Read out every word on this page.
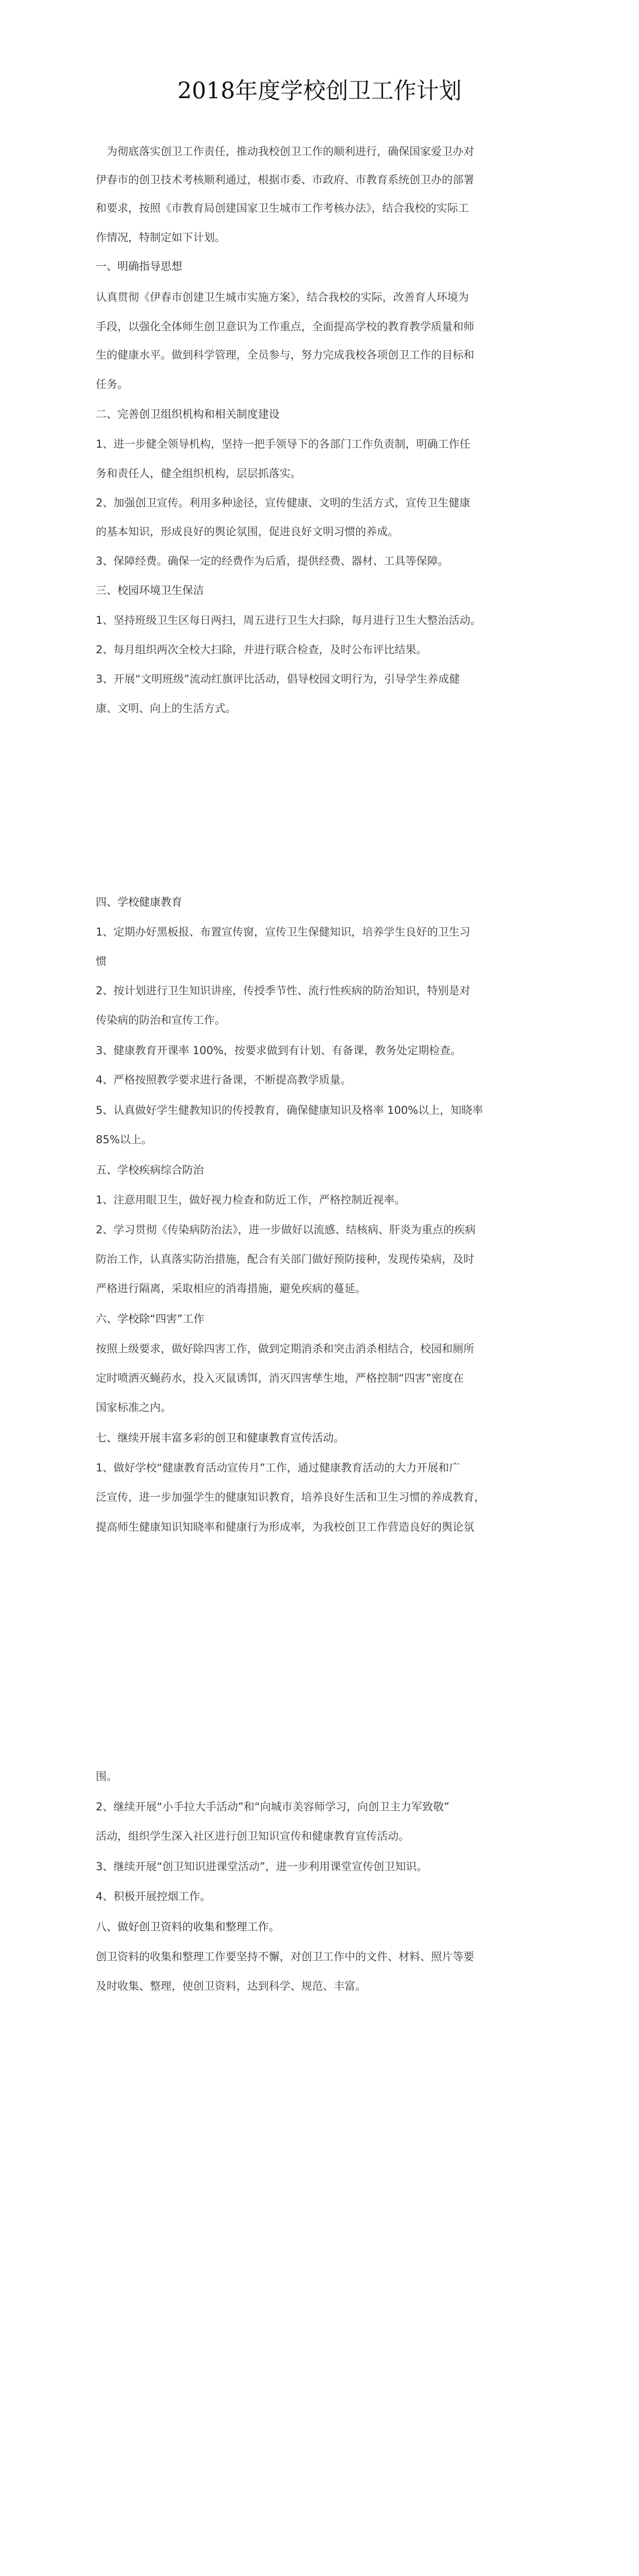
2018年度学校创卫工作计划

　为彻底落实创卫工作责任，推动我校创卫工作的顺利进行，确保国家爱卫办对

伊春市的创卫技术考核顺利通过，根据市委、市政府、市教育系统创卫办的部署

和要求，按照《市教育局创建国家卫生城市工作考核办法》，结合我校的实际工

作情况，特制定如下计划。

一、明确指导思想

认真贯彻《伊春市创建卫生城市实施方案》，结合我校的实际，改善育人环境为

手段，以强化全体师生创卫意识为工作重点，全面提高学校的教育教学质量和师

生的健康水平。做到科学管理，全员参与，努力完成我校各项创卫工作的目标和

任务。

二、完善创卫组织机构和相关制度建设

1、进一步健全领导机构，坚持一把手领导下的各部门工作负责制，明确工作任

务和责任人，健全组织机构，层层抓落实。

2、加强创卫宣传。利用多种途径，宣传健康、文明的生活方式，宣传卫生健康

的基本知识，形成良好的舆论氛围，促进良好文明习惯的养成。

3、保障经费。确保一定的经费作为后盾，提供经费、器材、工具等保障。

三、校园环境卫生保洁

1、坚持班级卫生区每日两扫，周五进行卫生大扫除，每月进行卫生大整治活动。

2、每月组织两次全校大扫除，并进行联合检查，及时公布评比结果。

3、开展“文明班级”流动红旗评比活动，倡导校园文明行为，引导学生养成健

康、文明、向上的生活方式。

四、学校健康教育

1、定期办好黑板报、布置宣传窗，宣传卫生保健知识，培养学生良好的卫生习

惯

2、按计划进行卫生知识讲座，传授季节性、流行性疾病的防治知识，特别是对

传染病的防治和宣传工作。

3、健康教育开课率 100%，按要求做到有计划、有备课，教务处定期检查。

4、严格按照教学要求进行备课，不断提高教学质量。

5、认真做好学生健教知识的传授教育，确保健康知识及格率 100%以上，知晓率

85%以上。

五、学校疾病综合防治

1、注意用眼卫生，做好视力检查和防近工作，严格控制近视率。

2、学习贯彻《传染病防治法》，进一步做好以流感、结核病、肝炎为重点的疾病

防治工作，认真落实防治措施，配合有关部门做好预防接种，发现传染病，及时

严格进行隔离，采取相应的消毒措施，避免疾病的蔓延。

六、学校除“四害”工作

按照上级要求，做好除四害工作，做到定期消杀和突击消杀相结合，校园和厕所

定时喷洒灭蝇药水，投入灭鼠诱饵，消灭四害孳生地，严格控制“四害”密度在

国家标准之内。

七、继续开展丰富多彩的创卫和健康教育宣传活动。

1、做好学校“健康教育活动宣传月”工作，通过健康教育活动的大力开展和广

泛宣传，进一步加强学生的健康知识教育，培养良好生活和卫生习惯的养成教育，

提高师生健康知识知晓率和健康行为形成率，为我校创卫工作营造良好的舆论氛

围。

2、继续开展“小手拉大手活动”和“向城市美容师学习，向创卫主力军致敬”

活动，组织学生深入社区进行创卫知识宣传和健康教育宣传活动。

3、继续开展“创卫知识进课堂活动”，进一步利用课堂宣传创卫知识。

4、积极开展控烟工作。

八、做好创卫资料的收集和整理工作。

创卫资料的收集和整理工作要坚持不懈，对创卫工作中的文件、材料、照片等要

及时收集、整理，使创卫资料，达到科学、规范、丰富。
